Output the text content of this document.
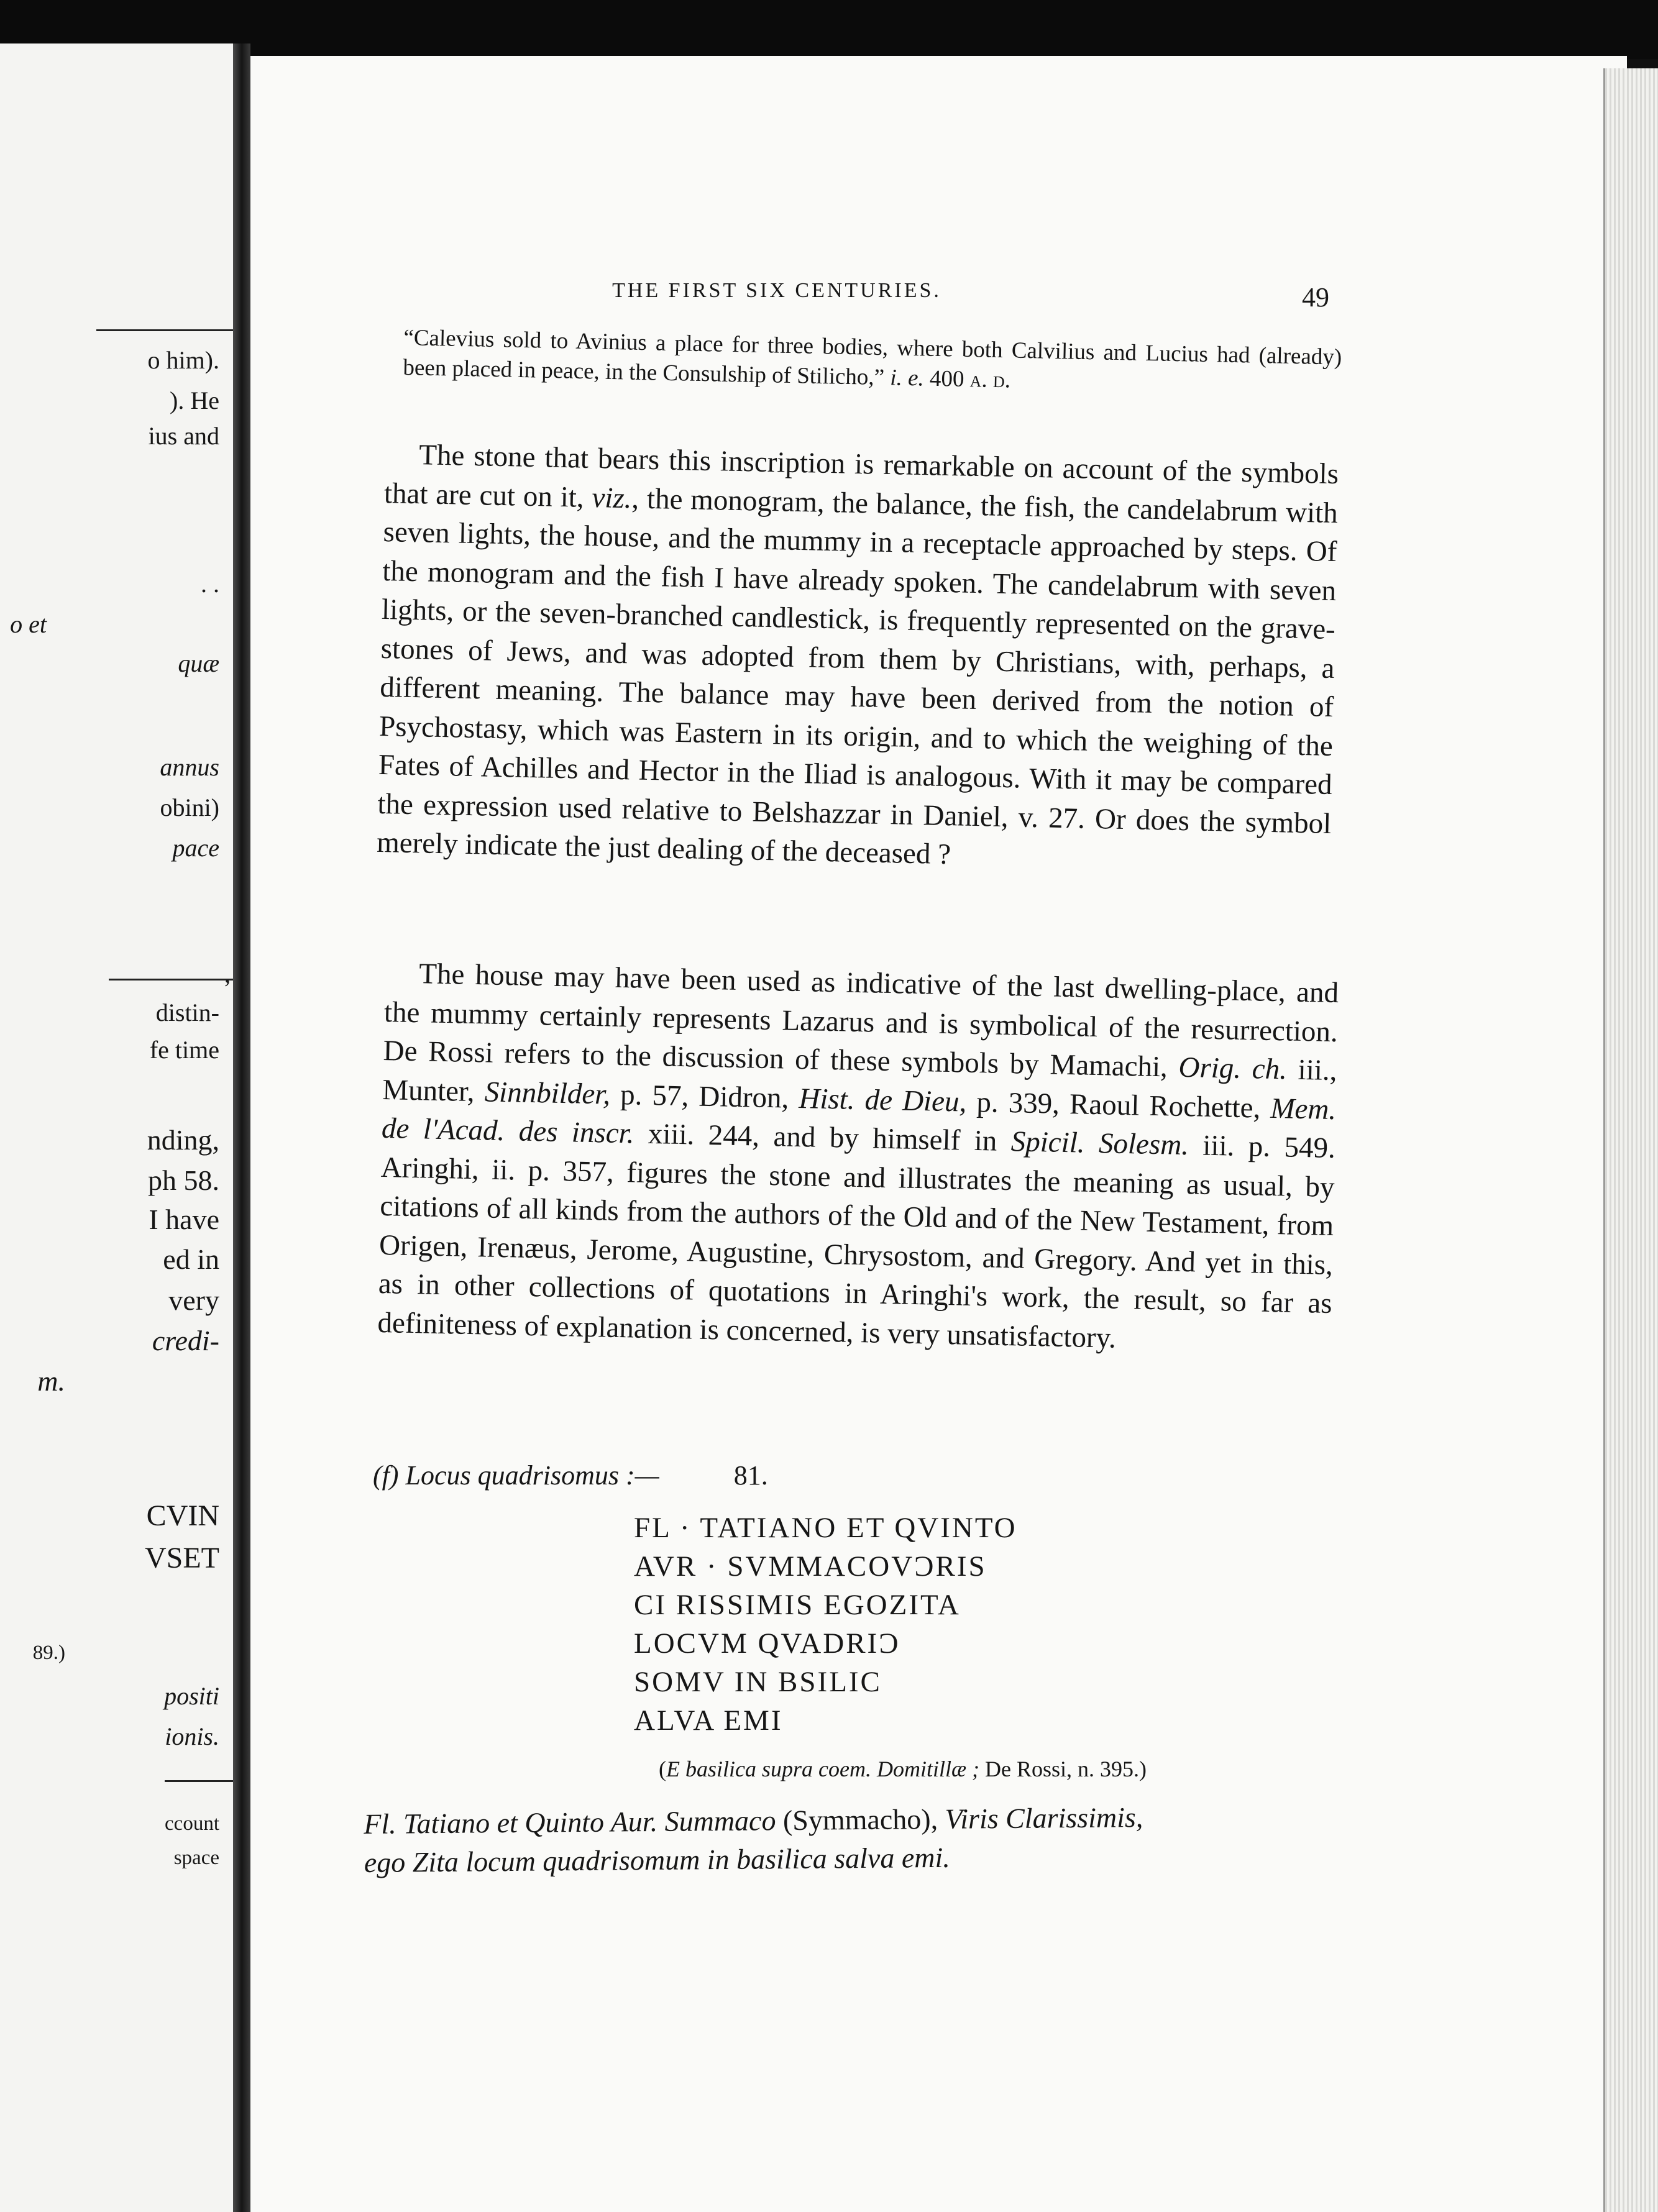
o him).
). He
ius and
. .
o et
quæ
annus
obini)
pace
,
distin-
fe time
nding,
ph 58.
I have
ed in
very
credi-
m.
CVIN
VSET
89.)
positi
ionis.
ccount
space
THE FIRST SIX CENTURIES.	49
“Calevius sold to Avinius a place for three bodies, where both Calvilius and Lucius had (already) been placed in peace, in the Consulship of Stilicho,” i. e. 400 a. d.

The stone that bears this inscription is remarkable on account of the symbols that are cut on it, viz., the monogram, the balance, the fish, the candelabrum with seven lights, the house, and the mummy in a receptacle approached by steps. Of the monogram and the fish I have already spoken. The candelabrum with seven lights, or the seven-branched candlestick, is frequently represented on the grave-stones of Jews, and was adopted from them by Christians, with, perhaps, a different meaning. The balance may have been derived from the notion of Psychostasy, which was Eastern in its origin, and to which the weighing of the Fates of Achilles and Hector in the Iliad is analogous. With it may be compared the expression used relative to Belshazzar in Daniel, v. 27. Or does the symbol merely indicate the just dealing of the deceased ?

The house may have been used as indicative of the last dwelling-place, and the mummy certainly represents Lazarus and is symbolical of the resurrection. De Rossi refers to the discussion of these symbols by Mamachi, Orig. ch. iii., Munter, Sinnbilder, p. 57, Didron, Hist. de Dieu, p. 339, Raoul Rochette, Mem. de l'Acad. des inscr. xiii. 244, and by himself in Spicil. Solesm. iii. p. 549. Aringhi, ii. p. 357, figures the stone and illustrates the meaning as usual, by citations of all kinds from the authors of the Old and of the New Testament, from Origen, Irenæus, Jerome, Augustine, Chrysostom, and Gregory. And yet in this, as in other collections of quotations in Aringhi's work, the result, so far as definiteness of explanation is concerned, is very unsatisfactory.

(f) Locus quadrisomus :—	81.
FL · TATIANO ET QVINTO
AVR · SVMMACOVƆRIS
CI RISSIMIS EGOZITA
LOCVM QVADRIƆ
SOMV IN BSILIC
ALVA EMI
(E basilica supra coem. Domitillæ ; De Rossi, n. 395.)
Fl. Tatiano et Quinto Aur. Summaco (Symmacho), Viris Clarissimis,
ego Zita locum quadrisomum in basilica salva emi.
